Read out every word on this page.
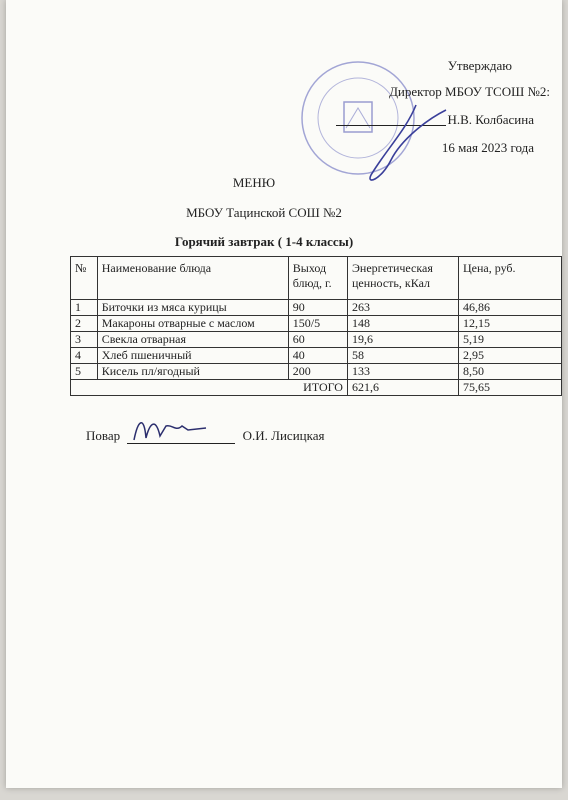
Утверждаю
Директор МБОУ ТСОШ №2:
Н.В. Колбасина
16 мая 2023 года
МЕНЮ
МБОУ Тацинской СОШ №2
Горячий завтрак ( 1-4 классы)
№	Наименование блюда	Выход блюд, г.	Энергетическая ценность, кКал	Цена, руб.
1	Биточки из мяса курицы	90	263	46,86
2	Макароны отварные с маслом	150/5	148	12,15
3	Свекла отварная	60	19,6	5,19
4	Хлеб пшеничный	40	58	2,95
5	Кисель пл/ягодный	200	133	8,50
ИТОГО			621,6	75,65
Повар	О.И. Лисицкая
